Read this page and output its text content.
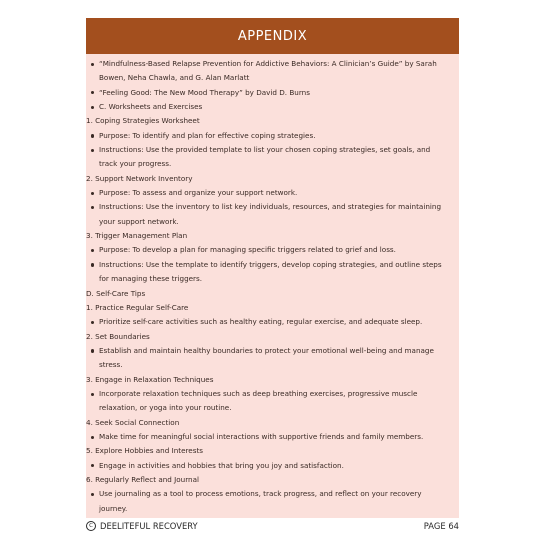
APPENDIX
“Mindfulness-Based Relapse Prevention for Addictive Behaviors: A Clinician’s Guide” by Sarah
Bowen, Neha Chawla, and G. Alan Marlatt
“Feeling Good: The New Mood Therapy” by David D. Burns
C. Worksheets and Exercises
1. Coping Strategies Worksheet
Purpose: To identify and plan for effective coping strategies.
Instructions: Use the provided template to list your chosen coping strategies, set goals, and
track your progress.
2. Support Network Inventory
Purpose: To assess and organize your support network.
Instructions: Use the inventory to list key individuals, resources, and strategies for maintaining
your support network.
3. Trigger Management Plan
Purpose: To develop a plan for managing specific triggers related to grief and loss.
Instructions: Use the template to identify triggers, develop coping strategies, and outline steps
for managing these triggers.
D. Self-Care Tips
1. Practice Regular Self-Care
Prioritize self-care activities such as healthy eating, regular exercise, and adequate sleep.
2. Set Boundaries
Establish and maintain healthy boundaries to protect your emotional well-being and manage
stress.
3. Engage in Relaxation Techniques
Incorporate relaxation techniques such as deep breathing exercises, progressive muscle
relaxation, or yoga into your routine.
4. Seek Social Connection
Make time for meaningful social interactions with supportive friends and family members.
5. Explore Hobbies and Interests
Engage in activities and hobbies that bring you joy and satisfaction.
6. Regularly Reflect and Journal
Use journaling as a tool to process emotions, track progress, and reflect on your recovery
journey.
C DEELITEFUL RECOVERY	PAGE 64
